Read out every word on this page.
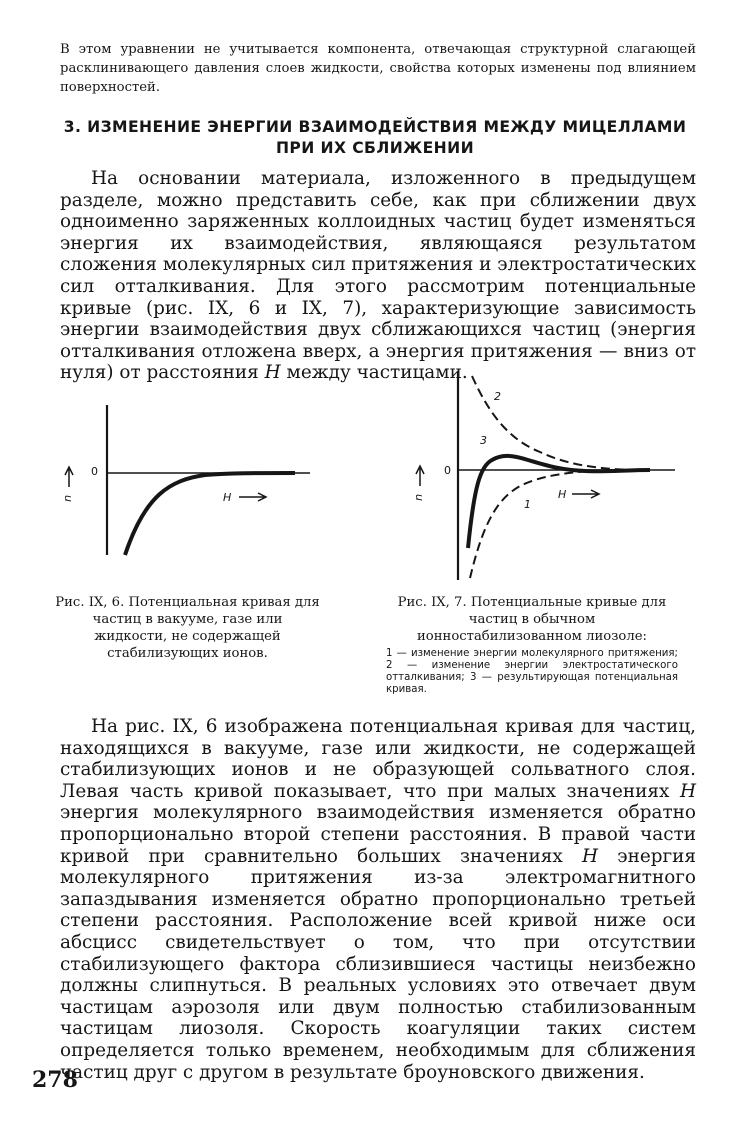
В этом уравнении не учитывается компонента, отвечающая структурной слагающей расклинивающего давления слоев жидкости, свойства которых изменены под влиянием поверхностей.
3. ИЗМЕНЕНИЕ ЭНЕРГИИ ВЗАИМОДЕЙСТВИЯ МЕЖДУ МИЦЕЛЛАМИ
ПРИ ИХ СБЛИЖЕНИИ
На основании материала, изложенного в предыдущем разделе, можно представить себе, как при сближении двух одноименно заряженных коллоидных частиц будет изменяться энергия их взаимодействия, являющаяся результатом сложения молекулярных сил притяжения и электростатических сил отталкивания. Для этого рассмотрим потенциальные кривые (рис. IX, 6 и IX, 7), характеризующие зависимость энергии взаимодействия двух сближающихся частиц (энергия отталкивания отложена вверх, а энергия притяжения — вниз от нуля) от расстояния H между частицами.
0
u	H
Рис. IX, 6. Потенциальная кривая для частиц в вакууме, газе или жидкости, не содержащей стабилизующих ионов.
0
u	H
1
2
3
Рис. IX, 7. Потенциальные кривые для частиц в обычном ионностабилизованном лиозоле:
1 — изменение энергии молекулярного притяжения; 2 — изменение энергии электростатического отталкивания; 3 — результирующая потенциальная кривая.
На рис. IX, 6 изображена потенциальная кривая для частиц, находящихся в вакууме, газе или жидкости, не содержащей стабилизующих ионов и не образующей сольватного слоя. Левая часть кривой показывает, что при малых значениях H энергия молекулярного взаимодействия изменяется обратно пропорционально второй степени расстояния. В правой части кривой при сравнительно больших значениях H энергия молекулярного притяжения из-за электромагнитного запаздывания изменяется обратно пропорционально третьей степени расстояния. Расположение всей кривой ниже оси абсцисс свидетельствует о том, что при отсутствии стабилизующего фактора сблизившиеся частицы неизбежно должны слипнуться. В реальных условиях это отвечает двум частицам аэрозоля или двум полностью стабилизованным частицам лиозоля. Скорость коагуляции таких систем определяется только временем, необходимым для сближения частиц друг с другом в результате броуновского движения.
278
